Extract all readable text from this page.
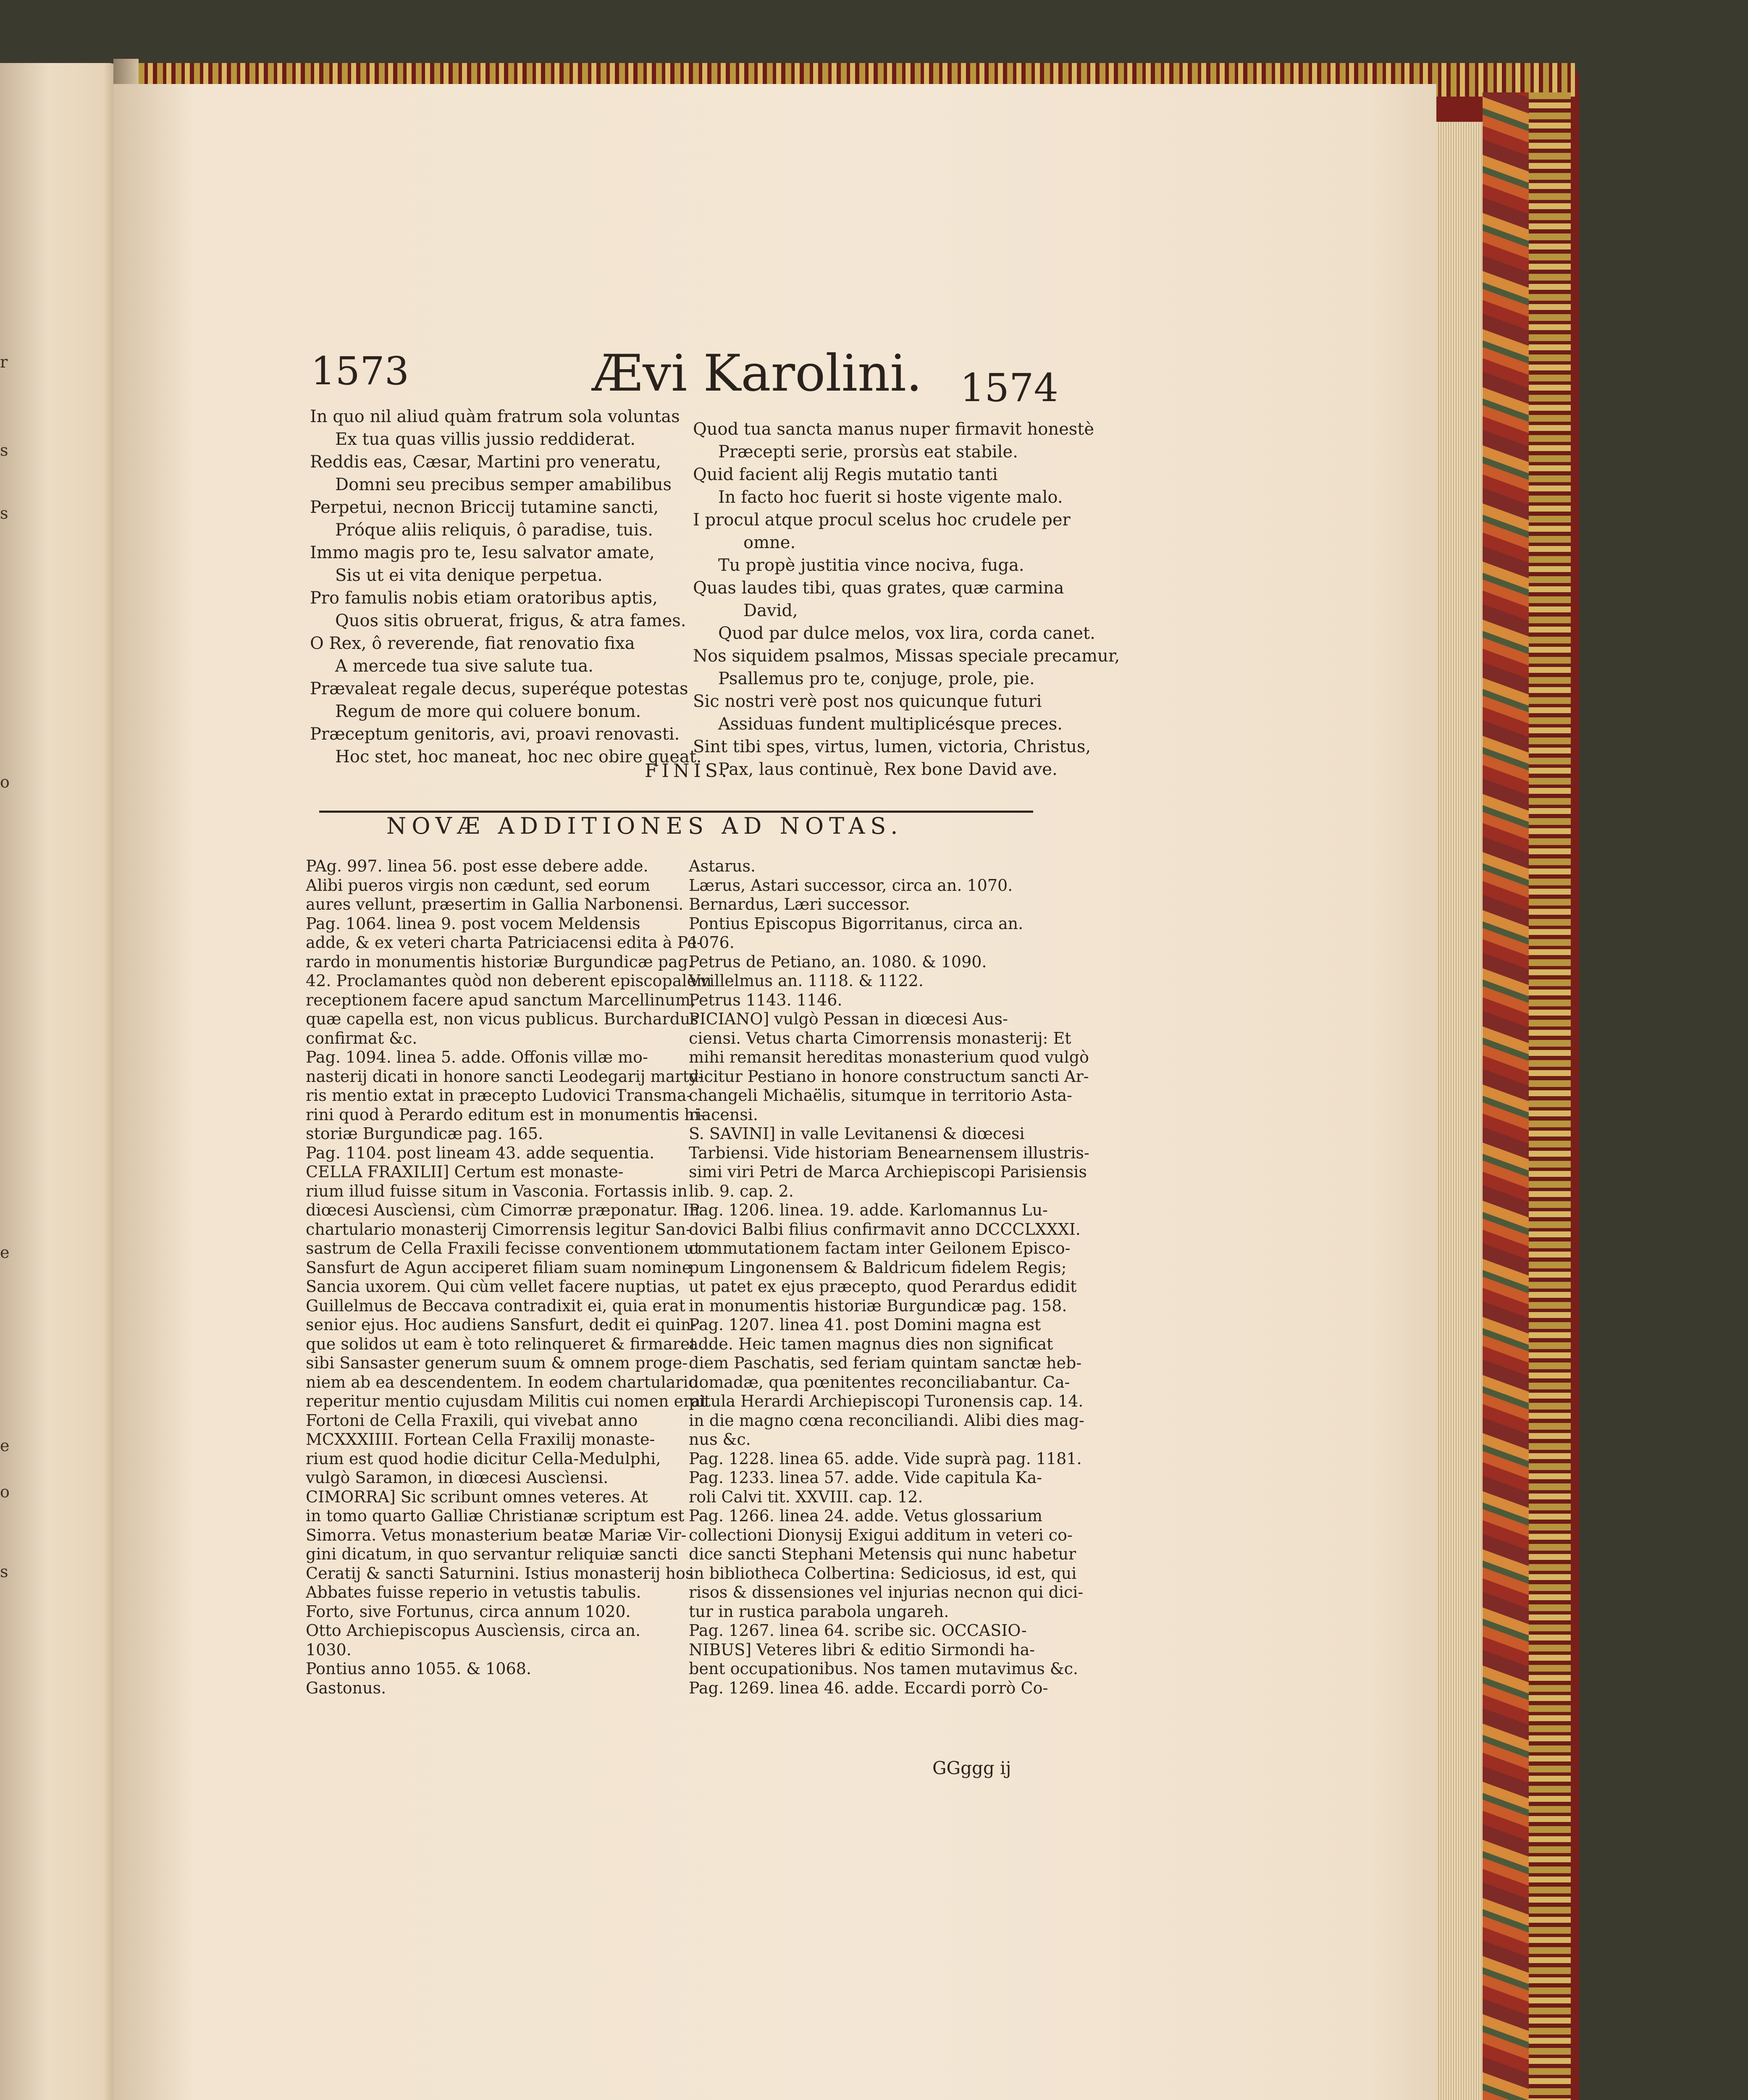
r
s
s
o
e
e
o
s
1573	Ævi Karolini. 1574
In quo nil aliud quàm fratrum sola voluntas
Ex tua quas villis jussio reddiderat.
Reddis eas, Cæsar, Martini pro veneratu,
Domni seu precibus semper amabilibus
Perpetui, necnon Briccij tutamine sancti,
Próque aliis reliquis, ô paradise, tuis.
Immo magis pro te, Iesu salvator amate,
Sis ut ei vita denique perpetua.
Pro famulis nobis etiam oratoribus aptis,
Quos sitis obruerat, frigus, & atra fames.
O Rex, ô reverende, fiat renovatio fixa
A mercede tua sive salute tua.
Prævaleat regale decus, superéque potestas
Regum de more qui coluere bonum.
Præceptum genitoris, avi, proavi renovasti.
Hoc stet, hoc maneat, hoc nec obire queat.
Quod tua sancta manus nuper firmavit honestè
Præcepti serie, prorsùs eat stabile.
Quid facient alij Regis mutatio tanti
In facto hoc fuerit si hoste vigente malo.
I procul atque procul scelus hoc crudele per
omne.
Tu propè justitia vince nociva, fuga.
Quas laudes tibi, quas grates, quæ carmina
David,
Quod par dulce melos, vox lira, corda canet.
Nos siquidem psalmos, Missas speciale precamur,
Psallemus pro te, conjuge, prole, pie.
Sic nostri verè post nos quicunque futuri
Assiduas fundent multiplicésque preces.
Sint tibi spes, virtus, lumen, victoria, Christus,
Pax, laus continuè, Rex bone David ave.
FINIS.
NOVÆ ADDITIONES AD NOTAS.

PAg. 997. linea 56. post esse debere adde.

Alibi pueros virgis non cædunt, sed eorum

aures vellunt, præsertim in Gallia Narbonensi.

Pag. 1064. linea 9. post vocem Meldensis

adde, & ex veteri charta Patriciacensi edita à Pe-

rardo in monumentis historiæ Burgundicæ pag.

42. Proclamantes quòd non deberent episcopalem

receptionem facere apud sanctum Marcellinum,

quæ capella est, non vicus publicus. Burchardus

confirmat &c.

Pag. 1094. linea 5. adde. Offonis villæ mo-

nasterij dicati in honore sancti Leodegarij marty-

ris mentio extat in præcepto Ludovici Transma-

rini quod à Perardo editum est in monumentis hi-

storiæ Burgundicæ pag. 165.

Pag. 1104. post lineam 43. adde sequentia.

CELLA FRAXILII] Certum est monaste-

rium illud fuisse situm in Vasconia. Fortassis in

diœcesi Auscìensi, cùm Cimorræ præponatur. In

chartulario monasterij Cimorrensis legitur San-

sastrum de Cella Fraxili fecisse conventionem ut

Sansfurt de Agun acciperet filiam suam nomine

Sancia uxorem. Qui cùm vellet facere nuptias,

Guillelmus de Beccava contradixit ei, quia erat

senior ejus. Hoc audiens Sansfurt, dedit ei quin-

que solidos ut eam è toto relinqueret & firmaret

sibi Sansaster generum suum & omnem proge-

niem ab ea descendentem. In eodem chartulario

reperitur mentio cujusdam Militis cui nomen erat

Fortoni de Cella Fraxili, qui vivebat anno

MCXXXIIII. Fortean Cella Fraxilij monaste-

rium est quod hodie dicitur Cella-Medulphi,

vulgò Saramon, in diœcesi Auscìensi.

CIMORRA] Sic scribunt omnes veteres. At

in tomo quarto Galliæ Christianæ scriptum est

Simorra. Vetus monasterium beatæ Mariæ Vir-

gini dicatum, in quo servantur reliquiæ sancti

Ceratij & sancti Saturnini. Istius monasterij hos

Abbates fuisse reperio in vetustis tabulis.

Forto, sive Fortunus, circa annum 1020.

Otto Archiepiscopus Auscìensis, circa an.

1030.

Pontius anno 1055. & 1068.

Gastonus.

Astarus.

Lærus, Astari successor, circa an. 1070.

Bernardus, Læri successor.

Pontius Episcopus Bigorritanus, circa an.

1076.

Petrus de Petiano, an. 1080. & 1090.

Vvillelmus an. 1118. & 1122.

Petrus 1143. 1146.

PICIANO] vulgò Pessan in diœcesi Aus-

ciensi. Vetus charta Cimorrensis monasterij: Et

mihi remansit hereditas monasterium quod vulgò

dicitur Pestiano in honore constructum sancti Ar-

changeli Michaëlis, situmque in territorio Asta-

riacensi.

S. SAVINI] in valle Levitanensi & diœcesi

Tarbiensi. Vide historiam Benearnensem illustris-

simi viri Petri de Marca Archiepiscopi Parisiensis

lib. 9. cap. 2.

Pag. 1206. linea. 19. adde. Karlomannus Lu-

dovici Balbi filius confirmavit anno DCCCLXXXI.

commutationem factam inter Geilonem Episco-

pum Lingonensem & Baldricum fidelem Regis;

ut patet ex ejus præcepto, quod Perardus edidit

in monumentis historiæ Burgundicæ pag. 158.

Pag. 1207. linea 41. post Domini magna est

adde. Heic tamen magnus dies non significat

diem Paschatis, sed feriam quintam sanctæ heb-

domadæ, qua pœnitentes reconciliabantur. Ca-

pitula Herardi Archiepiscopi Turonensis cap. 14.

in die magno cœna reconciliandi. Alibi dies mag-

nus &c.

Pag. 1228. linea 65. adde. Vide suprà pag. 1181.

Pag. 1233. linea 57. adde. Vide capitula Ka-

roli Calvi tit. XXVIII. cap. 12.

Pag. 1266. linea 24. adde. Vetus glossarium

collectioni Dionysij Exigui additum in veteri co-

dice sancti Stephani Metensis qui nunc habetur

in bibliotheca Colbertina: Sediciosus, id est, qui

risos & dissensiones vel injurias necnon qui dici-

tur in rustica parabola ungareh.

Pag. 1267. linea 64. scribe sic. OCCASIO-

NIBUS] Veteres libri & editio Sirmondi ha-

bent occupationibus. Nos tamen mutavimus &c.

Pag. 1269. linea 46. adde. Eccardi porrò Co-

GGggg ij
